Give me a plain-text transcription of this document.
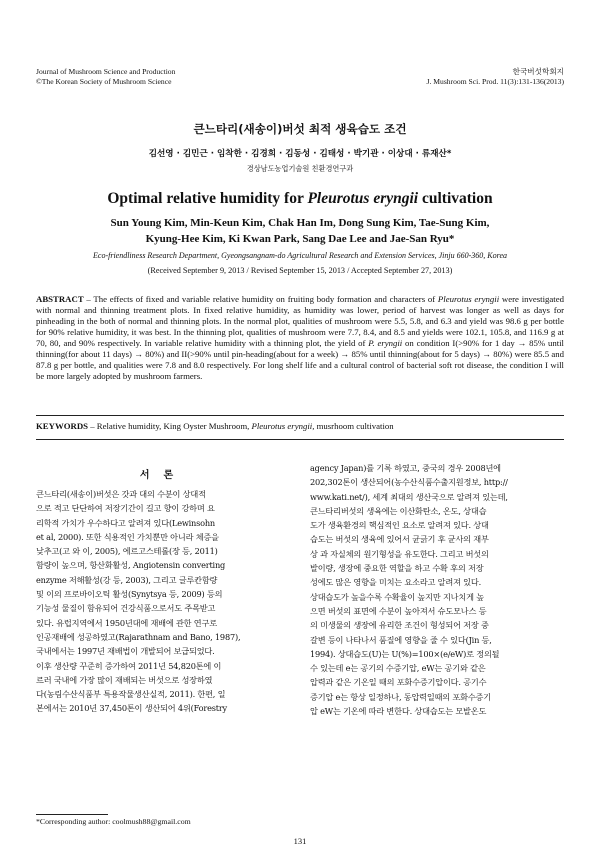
Journal of Mushroom Science and Production
©The Korean Society of Mushroom Science
한국버섯학회지
J. Mushroom Sci. Prod. 11(3):131-136(2013)
큰느타리(새송이)버섯 최적 생육습도 조건
김선영 · 김민근 · 임착한 · 김경희 · 김동성 · 김태성 · 박기관 · 이상대 · 류재산*
경상남도농업기술원 친환경연구과
Optimal relative humidity for Pleurotus eryngii cultivation
Sun Young Kim, Min-Keun Kim, Chak Han Im, Dong Sung Kim, Tae-Sung Kim,
Kyung-Hee Kim, Ki Kwan Park, Sang Dae Lee and Jae-San Ryu*
Eco-friendliness Research Department, Gyeongsangnam-do Agricultural Research and Extension Services, Jinju 660-360, Korea
(Received September 9, 2013 / Revised September 15, 2013 / Accepted September 27, 2013)
ABSTRACT – The effects of fixed and variable relative humidity on fruiting body formation and characters of Pleurotus eryngii were investigated with normal and thinning treatment plots. In fixed relative humidity, as humidity was lower, period of harvest was longer as well as days for pinheading in the both of normal and thinning plots. In the normal plot, qualities of mushroom were 5.5, 5.8, and 6.3 and yield was 98.6 g per bottle for 90% relative humidity, it was best. In the thinning plot, qualities of mushroom were 7.7, 8.4, and 8.5 and yields were 102.1, 105.8, and 116.9 g at 70, 80, and 90% respectively. In variable relative humidity with a thinning plot, the yield of P. eryngii on condition I(>90% for 1 day → 85% until thinning(for about 11 days) → 80%) and II(>90% until pin-heading(about for a week) → 85% until thinning(about for 5 days) → 80%) were 85.5 and 87.8 g per bottle, and qualities were 7.8 and 8.0 respectively. For long shelf life and a cultural control of bacterial soft rot disease, the condition I will be more largely adopted by mushroom farmers.
KEYWORDS – Relative humidity, King Oyster Mushroom, Pleurotus eryngii, musrhoom cultivation
서론

큰느타리(새송이)버섯은 갓과 대의 수분이 상대적

으로 적고 단단하여 저장기간이 길고 향이 강하며 요

리학적 가치가 우수하다고 알려져 있다(Lewinsohn

et al, 2000). 또한 식용적인 가치뿐만 아니라 체증을

낮추고(고 와 이, 2005), 에르고스테롤(장 등, 2011)

함량이 높으며, 항산화활성, Angiotensin converting

enzyme 저해활성(강 등, 2003), 그리고 글루칸함량

및 이의 프로바이오틱 활성(Synytsya 등, 2009) 등의

기능성 물질이 함유되어 건강식품으로서도 주목받고

있다. 유럽지역에서 1950년대에 재배에 관한 연구로

인공재배에 성공하였고(Rajarathnam and Bano, 1987),

국내에서는 1997년 재배법이 개발되어 보급되었다.

이후 생산량 꾸준히 증가하여 2011년 54,820톤에 이

르러 국내에 가장 많이 재배되는 버섯으로 성장하였

다(농림수산식품부 특용작물생산실적, 2011). 한편, 일

본에서는 2010년 37,450톤이 생산되어 4위(Forestry

agency Japan)를 기록 하였고, 중국의 경우 2008년에

202,302톤이 생산되어(농수산식품수출지원정보, http://

www.kati.net/), 세계 최대의 생산국으로 알려져 있는데,

큰느타리버섯의 생육에는 이산화탄소, 온도, 상대습

도가 생육환경의 핵심적인 요소로 알려져 있다. 상대

습도는 버섯의 생육에 있어서 균긁기 후 균사의 재부

상 과 자실체의 원기형성을 유도한다. 그리고 버섯의

발이량, 생장에 중요한 역할을 하고 수확 후의 저장

성에도 많은 영향을 미치는 요소라고 알려져 있다.

상대습도가 높을수록 수확율이 높지만 지나치게 높

으면 버섯의 표면에 수분이 높아져서 슈도모나스 등

의 미생물의 생장에 유리한 조건이 형성되어 저장 중

갈변 등이 나타나서 품질에 영향을 줄 수 있다(Jin 등,

1994). 상대습도(U)는 U(%)=100×(e/eW)로 정의될

수 있는데 e는 공기의 수증기압, eW는 공기와 같은

압력과 같은 기온일 때의 포화수증기압이다. 공기수

증기압 e는 항상 일정하나, 동압력일때의 포화수증기

압 eW는 기온에 따라 변한다. 상대습도는 모발온도

*Corresponding author: coolmush88@gmail.com
131
